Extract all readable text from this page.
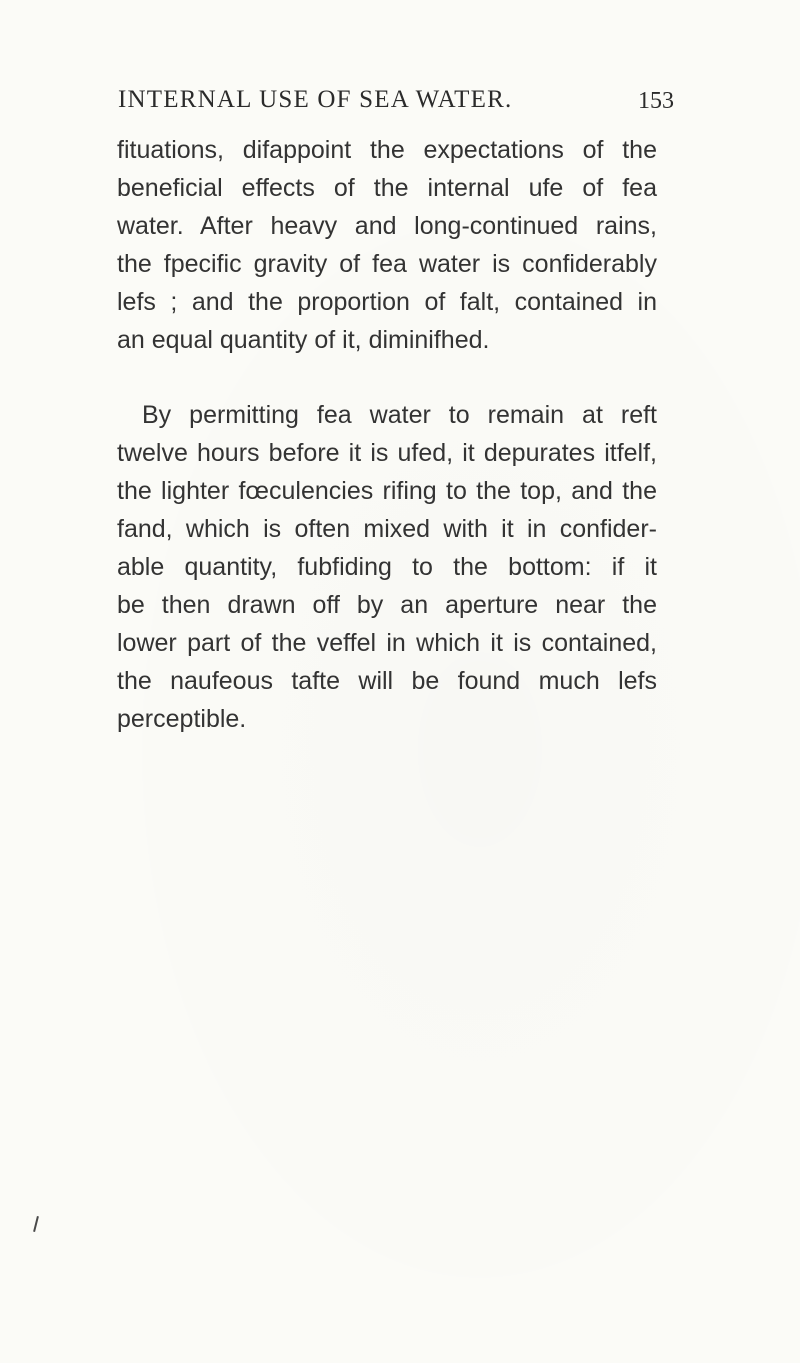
INTERNAL USE OF SEA WATER.	153
fituations, difappoint the expectations of the
beneficial effects of the internal ufe of fea
water. After heavy and long-continued rains,
the fpecific gravity of fea water is confiderably
lefs ; and the proportion of falt, contained in
an equal quantity of it, diminifhed.
By permitting fea water to remain at reft
twelve hours before it is ufed, it depurates itfelf,
the lighter fœculencies rifing to the top, and the
fand, which is often mixed with it in confider-
able quantity, fubfiding to the bottom: if it
be then drawn off by an aperture near the
lower part of the veffel in which it is contained,
the naufeous tafte will be found much lefs
perceptible.
